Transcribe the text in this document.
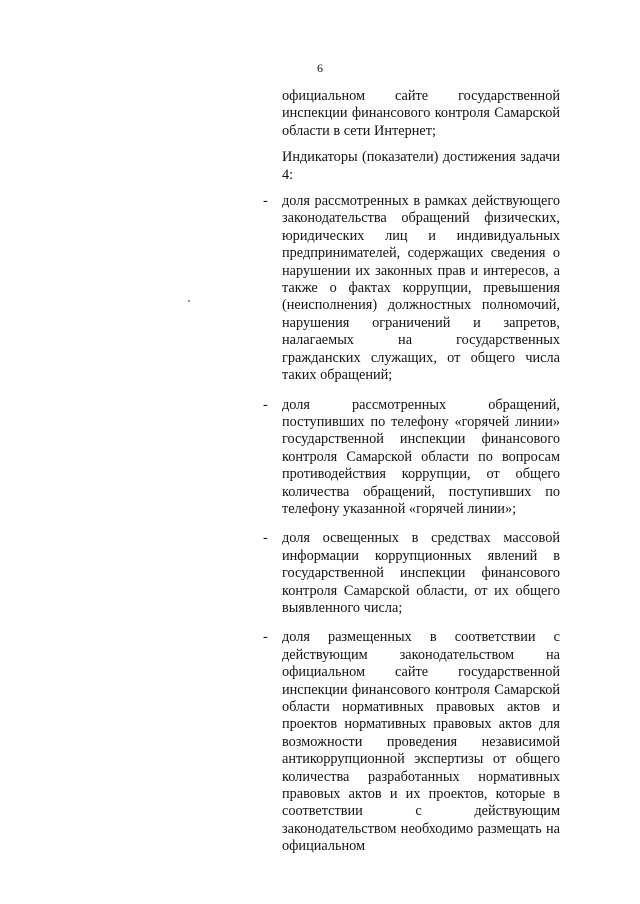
6

официальном сайте государственной инспекции финансового контроля Самарской области в сети Интернет;

Индикаторы (показатели) достижения задачи 4:

- доля рассмотренных в рамках действующего законодательства обращений физических, юридических лиц и индивидуальных предпринимателей, содержащих сведения о нарушении их законных прав и интересов, а также о фактах коррупции, превышения (неисполнения) должностных полномочий, нарушения ограничений и запретов, налагаемых на государственных гражданских служащих, от общего числа таких обращений;

- доля рассмотренных обращений, поступивших по телефону «горячей линии» государственной инспекции финансового контроля Самарской области по вопросам противодействия коррупции, от общего количества обращений, поступивших по телефону указанной «горячей линии»;

- доля освещенных в средствах массовой информации коррупционных явлений в государственной инспекции финансового контроля Самарской области, от их общего выявленного числа;

- доля размещенных в соответствии с действующим законодательством на официальном сайте государственной инспекции финансового контроля Самарской области нормативных правовых актов и проектов нормативных правовых актов для возможности проведения независимой антикоррупционной экспертизы от общего количества разработанных нормативных правовых актов и их проектов, которые в соответствии с действующим законодательством необходимо размещать на официальном
